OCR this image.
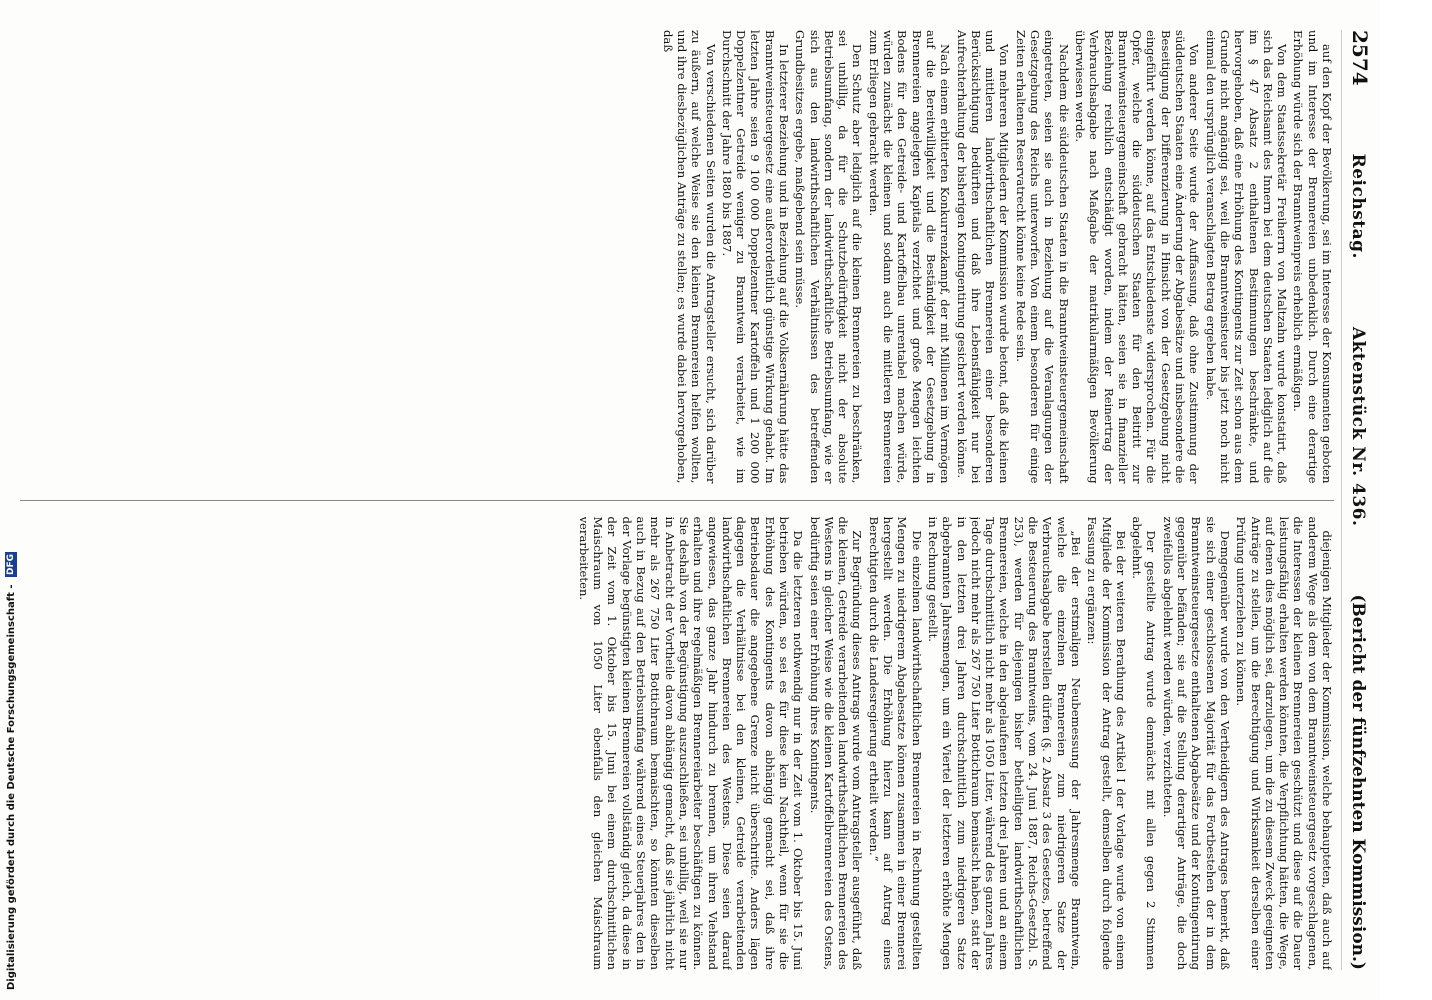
2574
Reichstag.
Aktenstück Nr. 436.
(Bericht der fünfzehnten Kommission.)

auf den Kopf der Bevölkerung, sei im Interesse der Konsumenten geboten und im Interesse der Brennereien unbedenklich. Durch eine derartige Erhöhung würde sich der Branntweinpreis erheblich ermäßigen.

Von dem Staatssekretär Freiherrn von Maltzahn wurde konstatirt, daß sich das Reichsamt des Innern bei dem deutschen Staaten lediglich auf die im § 47 Absatz 2 enthaltenen Bestimmungen beschränkte, und hervorgehoben, daß eine Erhöhung des Kontingents zur Zeit schon aus dem Grunde nicht angängig sei, weil die Branntweinsteuer bis jetzt noch nicht einmal den ursprünglich veranschlagten Betrag ergeben habe.

Von anderer Seite wurde der Auffassung, daß ohne Zustimmung der süddeutschen Staaten eine Änderung der Abgabesätze und insbesondere die Beseitigung der Differenzierung in Hinsicht von der Gesetzgebung nicht eingeführt werden könne, auf das Entschiedenste widersprochen. Für die Opfer, welche die süddeutschen Staaten für den Beitritt zur Branntweinsteuergemeinschaft gebracht hätten, seien sie in finanzieller Beziehung reichlich entschädigt worden, indem der Reinertrag der Verbrauchsabgabe nach Maßgabe der matrikularmäßigen Bevölkerung überwiesen werde.

Nachdem die süddeutschen Staaten in die Branntweinsteuergemeinschaft eingetreten, seien sie auch in Beziehung auf die Veranlagungen der Gesetzgebung des Reichs unterworfen. Von einem besonderen für einige Zeiten erhaltenen Reservatrecht könne keine Rede sein.

Von mehreren Mitgliedern der Kommission wurde betont, daß die kleinen und mittleren landwirthschaftlichen Brennereien einer besonderen Berücksichtigung bedürften und daß ihre Lebensfähigkeit nur bei Aufrechterhaltung der bisherigen Kontingentirung gesichert werden könne.

Nach einem erbitterten Konkurrenzkampf, der mit Millionen im Vermögen auf die Bereitwilligkeit und die Beständigkeit der Gesetzgebung in Brennereien angelegten Kapitals verzichtet und große Mengen leichten Bodens für den Getreide- und Kartoffelbau unrentabel machen würde, würden zunächst die kleinen und sodann auch die mittleren Brennereien zum Erliegen gebracht werden.

Den Schutz aber lediglich auf die kleinen Brennereien zu beschränken, sei unbillig, da für die Schutzbedürftigkeit nicht der absolute Betriebsumfang, sondern der landwirthschaftliche Betriebsumfang, wie er sich aus den landwirthschaftlichen Verhältnissen des betreffenden Grundbesitzes ergebe, maßgebend sein müsse.

In letzterer Beziehung und in Beziehung auf die Volksernährung hätte das Branntweinsteuergesetz eine außerordentlich günstige Wirkung gehabt. Im letzten Jahre seien 9 100 000 Doppelzentner Kartoffeln und 1 200 000 Doppelzentner Getreide weniger zu Branntwein verarbeitet, wie im Durchschnitt der Jahre 1880 bis 1887.

Von verschiedenen Seiten wurden die Antragsteller ersucht, sich darüber zu äußern, auf welche Weise sie den kleinen Brennereien helfen wollten, und ihre diesbezüglichen Anträge zu stellen; es wurde dabei hervorgehoben, daß

diejenigen Mitglieder der Kommission, welche behaupteten, daß auch auf anderem Wege als dem von dem Branntweinsteuergesetz vorgeschlagenen, die Interessen der kleinen Brennereien geschützt und diese auf die Dauer leistungsfähig erhalten werden könnten, die Verpflichtung hätten, die Wege, auf denen dies möglich sei, darzulegen, um die zu diesem Zweck geeigneten Anträge zu stellen, um die Berechtigung und Wirksamkeit derselben einer Prüfung unterziehen zu können.

Demgegenüber wurde von den Vertheidigern des Antrages bemerkt, daß sie sich einer geschlossenen Majorität für das Fortbestehen der in dem Branntweinsteuergesetze enthaltenen Abgabesätze und der Kontingentirung gegenüber befänden; sie auf die Stellung derartiger Anträge, die doch zweifellos abgelehnt werden würden, verzichteten.

Der gestellte Antrag wurde demnächst mit allen gegen 2 Stimmen abgelehnt.

Bei der weiteren Berathung des Artikel I der Vorlage wurde von einem Mitgliede der Kommission der Antrag gestellt, demselben durch folgende Fassung zu ergänzen:

„Bei der erstmaligen Neubemessung der Jahresmenge Branntwein, welche die einzelnen Brennereien zum niedrigeren Satze der Verbrauchsabgabe herstellen dürfen (§. 2 Absatz 3 des Gesetzes, betreffend die Besteuerung des Branntweins, vom 24. Juni 1887, Reichs-Gesetzbl. S. 253), werden für diejenigen bisher betheiligten landwirthschaftlichen Brennereien, welche in den abgelaufenen letzten drei Jahren und an einem Tage durchschnittlich nicht mehr als 1050 Liter, während des ganzen Jahres jedoch nicht mehr als 267 750 Liter Bottichraum bemaischt haben, statt der in den letzten drei Jahren durchschnittlich zum niedrigeren Satze abgebrannten Jahresmengen, um ein Viertel der letzteren erhöhte Mengen in Rechnung gestellt.

Die einzelnen landwirthschaftlichen Brennereien in Rechnung gestellten Mengen zu niedrigerem Abgabesatze können zusammen in einer Brennerei hergestellt werden. Die Erhöhung hierzu kann auf Antrag eines Berechtigten durch die Landesregierung ertheilt werden.“

Zur Begründung dieses Antrags wurde vom Antragsteller ausgeführt, daß die kleinen, Getreide verarbeitenden landwirthschaftlichen Brennereien des Westens in gleicher Weise wie die kleinen Kartoffelbrennereien des Ostens, bedürftig seien einer Erhöhung ihres Kontingents.

Da die letzteren nothwendig nur in der Zeit vom 1. Oktober bis 15. Juni betrieben würden, so sei es für diese kein Nachtheil, wenn für sie die Erhöhung des Kontingents davon abhängig gemacht sei, daß ihre Betriebsdauer die angegebene Grenze nicht überschritte. Anders lägen dagegen die Verhältnisse bei den kleinen, Getreide verarbeitenden landwirthschaftlichen Brennereien des Westens. Diese seien darauf angewiesen, das ganze Jahr hindurch zu brennen, um ihren Viehstand erhalten und ihre regelmäßigen Brennereiarbeiter beschäftigen zu können. Sie deshalb von der Begünstigung auszuschließen, sei unbillig, weil sie nur in Anbetracht der Vortheile davon abhängig gemacht, daß sie jährlich nicht mehr als 267 750 Liter Bottichraum bemaischten, so könnten dieselben auch in Bezug auf den Betriebsumfang während eines Steuerjahres den in der Vorlage begünstigten kleinen Brennereien vollständig gleich, da diese in der Zeit vom 1. Oktober bis 15. Juni bei einem durchschnittlichen Maischraum von 1050 Liter ebenfalls den gleichen Maischraum verarbeiteten.

Digitalisierung gefördert durch die Deutsche Forschungsgemeinschaft - DFG
